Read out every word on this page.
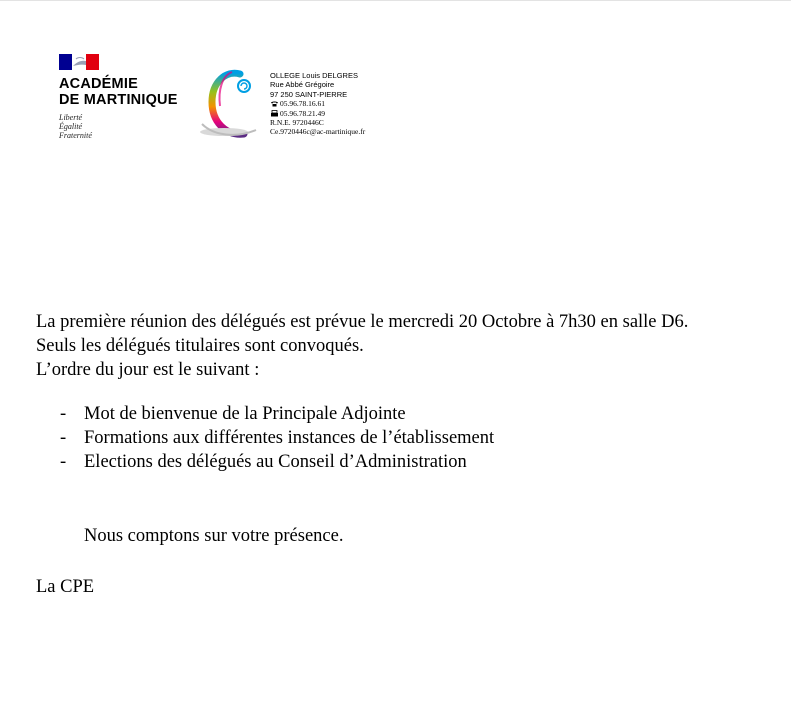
ACADÉMIE
DE MARTINIQUE
Liberté
Égalité
Fraternité
OLLEGE Louis DELGRES
Rue Abbé Grégoire
97 250 SAINT-PIERRE
05.96.78.16.61
05.96.78.21.49
R.N.E. 9720446C
Ce.9720446c@ac-martinique.fr

La première réunion des délégués est prévue le mercredi 20 Octobre à 7h30 en salle D6.

Seuls les délégués titulaires sont convoqués.

L’ordre du jour est le suivant :

- Mot de bienvenue de la Principale Adjointe
- Formations aux différentes instances de l’établissement
- Elections des délégués au Conseil d’Administration

Nous comptons sur votre présence.

La CPE
